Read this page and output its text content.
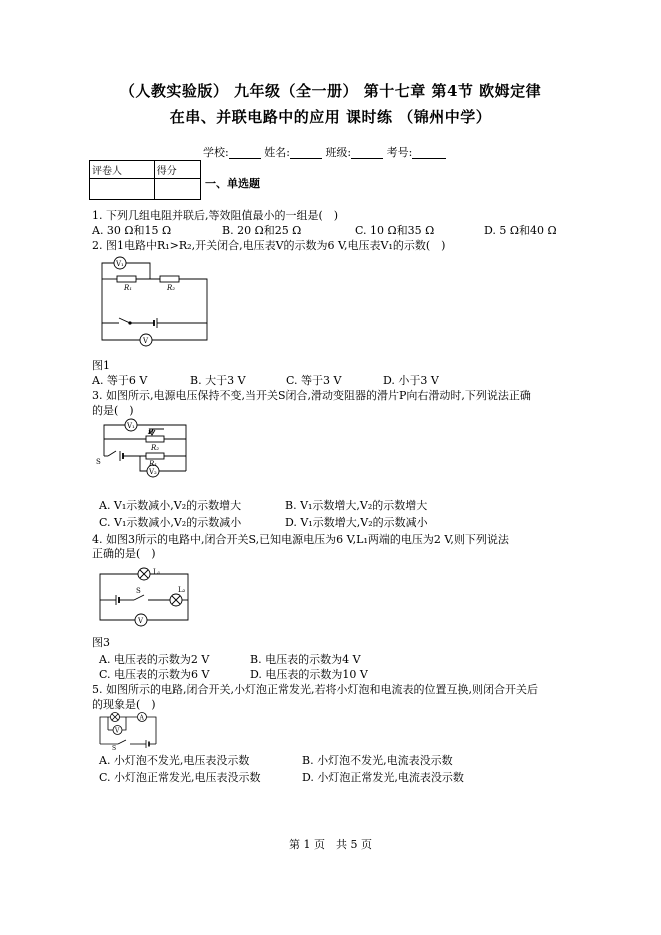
（人教实验版） 九年级（全一册） 第十七章 第4节 欧姆定律
在串、并联电路中的应用 课时练 （锦州中学）
学校:	姓名:	班级:	考号:
评卷人	得分

一、单选题
1. 下列几组电阻并联后,等效阻值最小的一组是(　)
A. 30 Ω和15 Ω	B. 20 Ω和25 Ω	C. 10 Ω和35 Ω	D. 5 Ω和40 Ω
2. 图1电路中R₁>R₂,开关闭合,电压表V的示数为6 V,电压表V₁的示数(　)
V₁
R₁	R₂
V
图1
A. 等于6 V	B. 大于3 V	C. 等于3 V	D. 小于3 V
3. 如图所示,电源电压保持不变,当开关S闭合,滑动变阻器的滑片P向右滑动时,下列说法正确
的是(　)
V₁
P
R₂
R₁
S
V₂
A. V₁示数减小,V₂的示数增大	B. V₁示数增大,V₂的示数增大
C. V₁示数减小,V₂的示数减小	D. V₁示数增大,V₂的示数减小
4. 如图3所示的电路中,闭合开关S,已知电源电压为6 V,L₁两端的电压为2 V,则下列说法
正确的是(　)
L₁
L₂
S
V
图3
A. 电压表的示数为2 V	B. 电压表的示数为4 V
C. 电压表的示数为6 V	D. 电压表的示数为10 V
5. 如图所示的电路,闭合开关,小灯泡正常发光,若将小灯泡和电流表的位置互换,则闭合开关后
的现象是(　)
A
V
S
A. 小灯泡不发光,电压表没示数	B. 小灯泡不发光,电流表没示数
C. 小灯泡正常发光,电压表没示数	D. 小灯泡正常发光,电流表没示数
第 1 页　共 5 页
